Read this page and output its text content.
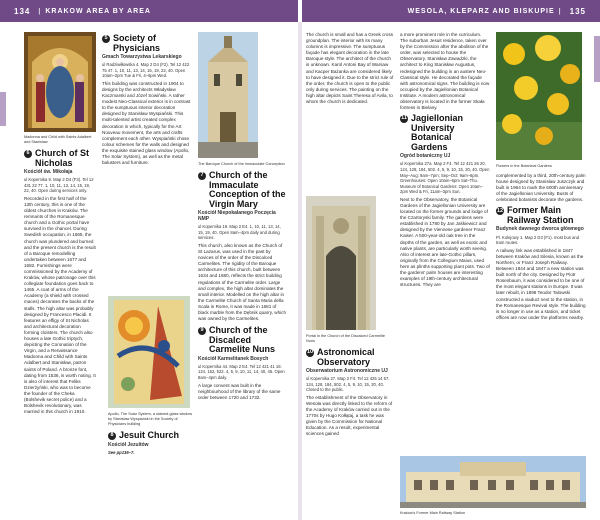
134 | KRAKOW AREA BY AREA	WESOLA, KLEPARZ AND BISKUPIE | 135
Madonna and Child with Saints Adalbert and Stanislaw
6 Church of St Nicholas
Kościół św. Mikołaja
ul Kopernika 9. Map 2 D4 (F3). Tel 12 431 22 77. 1, 10, 11, 13, 14, 15, 19, 22, 40. Open during services only.

Recorded in the first half of the 13th century, this is one of the oldest churches in Kraków. The remnants of the Romanesque church and a Gothic portal have survived in the chancel. During Swedish occupation, in 1665, the church was plundered and burned and the present church is the result of a Baroque remodelling undertaken between 1677 and 1682. Furnishings were commissioned by the Academy of Kraków, whose patronage over this collegiate foundation goes back to 1465. A coat of arms of the Academy (a shield with crossed maces) decorates the backs of the stalls. The high altar was probably designed by Francesco Placidi. It features an effigy of St Nicholas and architectural decoration forming cloisters. The church also houses a late Gothic triptych, depicting the Coronation of the Virgin, and a Renaissance Madonna and Child with Saints Adalbert and Stanisław, patron saints of Poland. A bronze font, dating from 1536, is worth noting. It is also of interest that Feliks Dzierżyński, who was to become the founder of the Cheka (Bolshevik secret police) and a Bolshevik revolutionary, was married in this church in 1910.

5 Society of Physicians
Gmach Towarzystwa Lekarskiego
ul Radziwiłłowska 4. Map 2 D4 (F2). Tel 12 422 75 47. 1, 10, 11, 13, 14, 15, 19, 22, 40. Open 10am–2pm Tue & Fri, 4–6pm Wed.

This building was constructed in 1904 to designs by the architects Władysław Kaczmarski and Józef Sowiński. A rather modest Neo-Classical exterior is in contrast to the sumptuous interior decoration designed by Stanisław Wyspiański. This multi-talented artist created complex decoration in which, typically for the Art Nouveau movement, the arts and crafts complement each other. Wyspiański chose colour schemes for the walls and designed the exquisite stained glass window (Apollo, The Solar System), as well as the metal balusters and furniture.

Apollo, The Solar System, a stained-glass window by Stanislaw Wyspianski in the Society of Physicians building
8 Jesuit Church
Kościół Jezuitów
See pp136–7.
The Baroque Church of the Immaculate Conception
7 Church of the Immaculate Conception of the Virgin Mary
Kościół Niepokalanego Poczęcia NMP
ul Kopernika 19. Map 2 E4. 1, 10, 11, 13, 14, 15, 19, 40. Open 8am–4pm daily and during services.

This church, also known as the Church of St Lazarus, was used in the past by novices of the order of the Discalced Carmelites. The rigidity of the Baroque architecture of this church, built between 1634 and 1680, reflects the strict building regulations of the Carmelite order. Large and complex, the high altar dominates the small interior. Modelled on the high altar in the Carmelite Church of Santa Maria della Scala in Rome, it was made in 1681 of black marble from the Dębnik quarry, which was owned by the Carmelites.

9 Church of the Discalced Carmelite Nuns
Kościół Karmelitanek Bosych
ul Kopernika 44. Map 2 E4. Tel 12 421 41 18. 124, 152, 522. 4, 5, 9, 10, 11, 14, 40, 45. Open 8am–4pm daily.

A large convent was built in the neighbourhood of the library of the same order between 1720 and 1732.

The church is small and has a Greek cross groundplan. The interior with its many columns is impressive. The sumptuous façade has elegant decoration in the late Baroque style. The architect of the church is unknown. Karol Antoni Bay of Warsaw and Kacper Bażanka are considered likely to have designed it. Due to the strict rule of the order, the church is open to the public only during services. The painting on the high altar depicts Saint Theresa of Avila, to whom the church is dedicated.

Portal in the Church of the Discalced Carmelite Nuns
10 Astronomical Observatory
Obserwatorium Astronomiczne UJ
ul Kopernika 27. Map 2 F4. Tel 12 425 14 57. 124, 128, 184, 502. 4, 5, 9, 10, 15, 20, 40. Closed to the public.

The establishment of the Observatory in Wesoła was directly linked to the reform of the Academy of Kraków carried out in the 1770s by Hugo Kołłątaj, a task he was given by the Commission for National Education. As a result, experimental sciences gained

a more prominent role in the curriculum. The suburban Jesuit residence, taken over by the Commission after the abolition of the order, was selected to house the Observatory. Stanisław Zawadzki, the architect to King Stanisław Augustus, redesigned the building in an austere Neo-Classical style. He decorated the façade with astronomical signs. The building is now occupied by the Jagiellonian Botanical Institute. A modern astronomical observatory is located in the former Skała fortress in Bielany.

11 Jagiellonian University Botanical Gardens
Ogród botaniczny UJ
ul Kopernika 27a. Map 2 F4. Tel 12 421 26 20. 124, 128, 184, 502. 4, 5, 9, 10, 15, 20, 40. Open May–Aug: 9am–7pm; Sep–Oct: 9am–6pm. Greenhouses: Open 10am–6pm Sat–Thu. Museum of Botanical Gardens: Open 10am–2pm Wed & Fri, 11am–3pm Sun.

Next to the Observatory, the Botanical Gardens of the Jagiellonian University are located on the former grounds and lodge of the Czartoryski family. The gardens were established in 1780 by Jan Jaśkiewicz and designed by the Viennese gardener Franz Kaiser. A 500-year-old oak tree in the depths of the garden, as well as exotic and native plants, are particularly worth seeing. Also of interest are late-Gothic pillars, originally from the Collegium Maius, used here as plinths supporting plant pots. Two of the gardens' palm houses are interesting examples of 19th-century architectural structures. They are

Flowers in the Botanical Gardens

complemented by a third, 20th-century palm house designed by Stanisław Juszczyk and built in 1964 to mark the 600th anniversary of the Jagiellonian University. Busts of celebrated botanists decorate the gardens.

12 Former Main Railway Station
Budynek dawnego dworca głównego
Pl. Kolejowy 1. Map 2 D3 (F1). most bus and tram routes.

A railway link was established in 1847 between Kraków and Silesia, known as the Northern, or Franz Joseph Railway. Between 1844 and 1847 a new station was built north of the city. Designed by Piotr Rosenbaum, it was considered to be one of the most elegant stations in Europe. It was later rebuilt, in 1898 Teodor Talowski constructed a viaduct next to the station, in the Romanesque Revival style. The building is no longer in use as a station, and ticket offices are now under the platforms nearby.

Krakow's Former Main Railway Station
